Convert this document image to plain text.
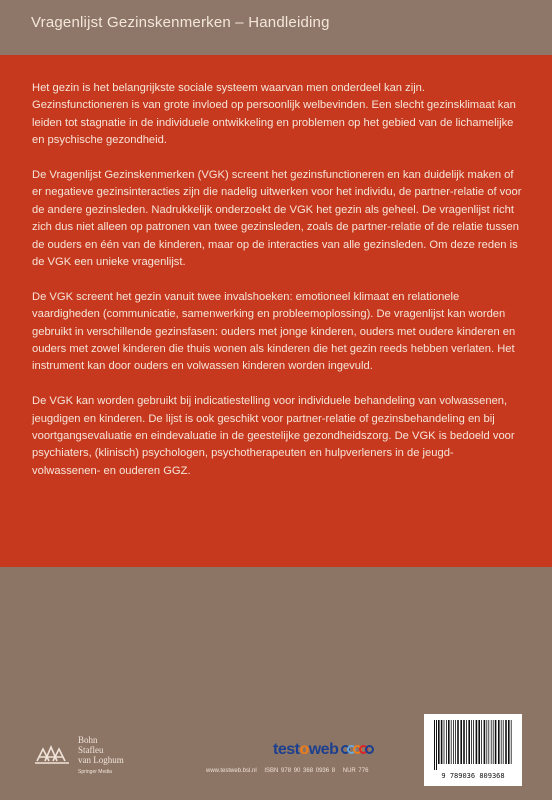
Vragenlijst Gezinskenmerken – Handleiding

Het gezin is het belangrijkste sociale systeem waarvan men onderdeel kan zijn. Gezinsfunctioneren is van grote invloed op persoonlijk welbevinden. Een slecht gezinsklimaat kan leiden tot stagnatie in de individuele ontwikkeling en problemen op het gebied van de lichamelijke en psychische gezondheid.

De Vragenlijst Gezinskenmerken (VGK) screent het gezinsfunctioneren en kan duidelijk maken of er negatieve gezinsinteracties zijn die nadelig uitwerken voor het individu, de partner-relatie of voor de andere gezinsleden. Nadrukkelijk onderzoekt de VGK het gezin als geheel. De vragenlijst richt zich dus niet alleen op patronen van twee gezinsleden, zoals de partner-relatie of de relatie tussen de ouders en één van de kinderen, maar op de interacties van alle gezinsleden. Om deze reden is de VGK een unieke vragenlijst.

De VGK screent het gezin vanuit twee invalshoeken: emotioneel klimaat en relationele vaardigheden (communicatie, samenwerking en probleemoplossing). De vragenlijst kan worden gebruikt in verschillende gezinsfasen: ouders met jonge kinderen, ouders met oudere kinderen en ouders met zowel kinderen die thuis wonen als kinderen die het gezin reeds hebben verlaten. Het instrument kan door ouders en volwassen kinderen worden ingevuld.

De VGK kan worden gebruikt bij indicatiestelling voor individuele behandeling van volwassenen, jeugdigen en kinderen. De lijst is ook geschikt voor partner-relatie of gezinsbehandeling en bij voortgangsevaluatie en eindevaluatie in de geestelijke gezondheidszorg. De VGK is bedoeld voor psychiaters, (klinisch) psychologen, psychotherapeuten en hulpverleners in de jeugd- volwassenen- en ouderen GGZ.

Bohn
Stafleu
van Loghum
Springer Media
testoweb
www.testweb.bsl.nl ISBN 978 90 368 0936 8 NUR 776
9 789036 809368
